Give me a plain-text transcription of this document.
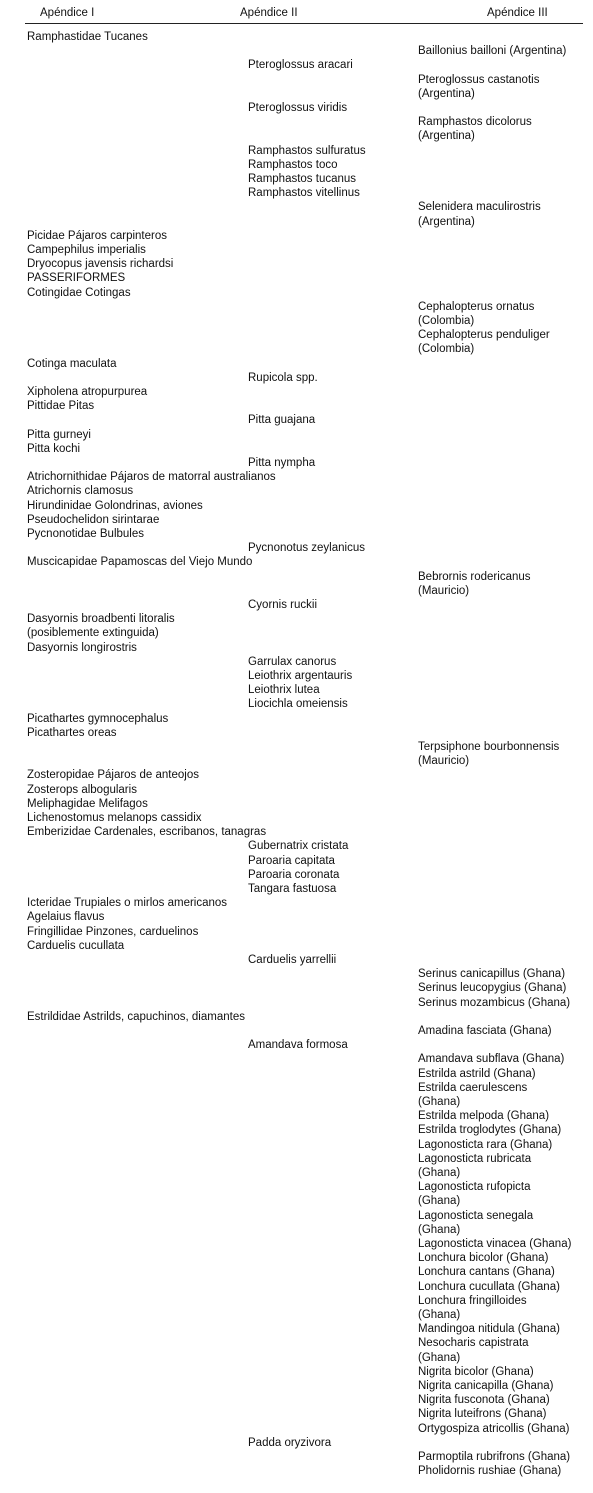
Apéndice I	Apéndice II	Apéndice III
Ramphastidae Tucanes
Picidae Pájaros carpinteros
Campephilus imperialis
Dryocopus javensis richardsi
PASSERIFORMES
Cotingidae Cotingas
Cotinga maculata
Xipholena atropurpurea
Pittidae Pitas
Pitta gurneyi
Pitta kochi
Atrichornithidae Pájaros de matorral australianos
Atrichornis clamosus
Hirundinidae Golondrinas, aviones
Pseudochelidon sirintarae
Pycnonotidae Bulbules
Muscicapidae Papamoscas del Viejo Mundo
Dasyornis broadbenti litoralis
(posiblemente extinguida)
Dasyornis longirostris
Picathartes gymnocephalus
Picathartes oreas
Zosteropidae Pájaros de anteojos
Zosterops albogularis
Meliphagidae Melifagos
Lichenostomus melanops cassidix
Emberizidae Cardenales, escribanos, tanagras
Icteridae Trupiales o mirlos americanos
Agelaius flavus
Fringillidae Pinzones, carduelinos
Carduelis cucullata
Estrildidae Astrilds, capuchinos, diamantes
Pteroglossus aracari
Pteroglossus viridis
Ramphastos sulfuratus
Ramphastos toco
Ramphastos tucanus
Ramphastos vitellinus
Rupicola spp.
Pitta guajana
Pitta nympha
Pycnonotus zeylanicus
Cyornis ruckii
Garrulax canorus
Leiothrix argentauris
Leiothrix lutea
Liocichla omeiensis
Gubernatrix cristata
Paroaria capitata
Paroaria coronata
Tangara fastuosa
Carduelis yarrellii
Amandava formosa
Padda oryzivora
Baillonius bailloni (Argentina)
Pteroglossus castanotis
(Argentina)
Ramphastos dicolorus
(Argentina)
Selenidera maculirostris
(Argentina)
Cephalopterus ornatus
(Colombia)
Cephalopterus penduliger
(Colombia)
Bebrornis rodericanus
(Mauricio)
Terpsiphone bourbonnensis
(Mauricio)
Serinus canicapillus (Ghana)
Serinus leucopygius (Ghana)
Serinus mozambicus (Ghana)
Amadina fasciata (Ghana)
Amandava subflava (Ghana)
Estrilda astrild (Ghana)
Estrilda caerulescens
(Ghana)
Estrilda melpoda (Ghana)
Estrilda troglodytes (Ghana)
Lagonosticta rara (Ghana)
Lagonosticta rubricata
(Ghana)
Lagonosticta rufopicta
(Ghana)
Lagonosticta senegala
(Ghana)
Lagonosticta vinacea (Ghana)
Lonchura bicolor (Ghana)
Lonchura cantans (Ghana)
Lonchura cucullata (Ghana)
Lonchura fringilloides
(Ghana)
Mandingoa nitidula (Ghana)
Nesocharis capistrata
(Ghana)
Nigrita bicolor (Ghana)
Nigrita canicapilla (Ghana)
Nigrita fusconota (Ghana)
Nigrita luteifrons (Ghana)
Ortygospiza atricollis (Ghana)
Parmoptila rubrifrons (Ghana)
Pholidornis rushiae (Ghana)
